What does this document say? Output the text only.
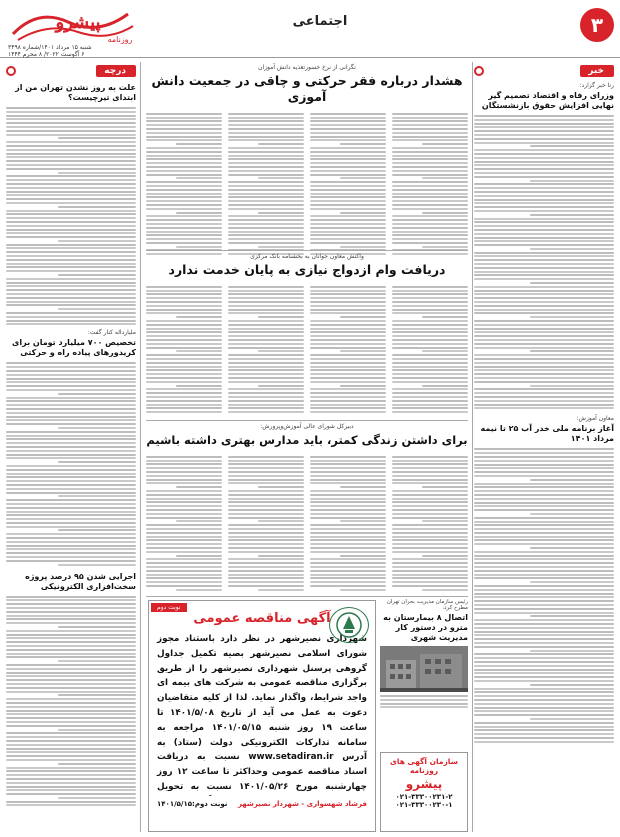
۳
اجتماعی
پیشرو
روزنامه
شنبه ۱۵ مرداد ۱۴۰۱/شماره ۳۴۹۸
۶ آگوست ۲۰۲۲/ ۸ محرم ۱۴۴۴
خبر
رنا خبر گزارد:
وزرای رفاه و اقتصاد تصمیم گیر نهایی افزایش حقوق بازنشستگان
معاون آموزش:
آغاز برنامه ملی خدر آب ۲۵ تا نیمه مرداد ۱۴۰۱
درچه
علت به روز نشدن تهران من از ابتدای تیرچیست؟
ملیارداله کنار گفت:
تخصیص ۷۰۰ میلیارد تومان برای کریدورهای پیاده راه و حرکتی
اجرایی شدن ۹۵ درصد پروژه سخت‌افزاری الکترونیکی
نگرانی از نرخ خسورتغذیه دانش آموزان
هشدار درباره فقر حرکتی و چاقی در جمعیت دانش آموزی
واکنش معاون جوانان به بخشنامه بانک مرکزی
دریافت وام ازدواج نیازی به پایان خدمت ندارد
دبیرکل شورای عالی آموزش‌وپرورش:
برای داشتن زندگی کمتر، باید مدارس بهتری داشته باشیم
رئیس سازمان مدیریت بحران تهران مطرح کرد:
اتصال ۸ بیمارستان به مترو در دستور کار مدیریت شهری
نوبت دوم
آگهی مناقصه عمومی
شهرداری نصیرشهر در نظر دارد باستناد مجوز شورای اسلامی نصیرشهر بصیه تکمیل جداول گروهی پرسنل شهرداری نصیرشهر را از طریق برگزاری مناقصه عمومی به شرکت های بیمه ای واجد شرایط، واگذار نماید. لذا از کلیه متقاضیان دعوت به عمل می آید از تاریخ ۱۴۰۱/۵/۰۸ تا ساعت ۱۹ روز شنبه ۱۴۰۱/۰۵/۱۵ مراجعه به سامانه تدارکات الکترونیکی دولت (ستاد) به آدرس www.setadiran.ir نسبت به دریافت اسناد مناقصه عمومی وحداکثر تا ساعت ۱۲ روز چهارشنبه مورخ ۱۴۰۱/۰۵/۲۶ نسبت به تحویل
فرشاد شهسواری - شهردار نصیرشهر
نوبت دوم:۱۴۰۱/۵/۱۵
سازمان آگهی های روزنامه
پیشرو
۰۲۱-۳۳۳۰۰۲۳۱-۲
۰۲۱-۳۳۳۰۰۲۳۰-۱
